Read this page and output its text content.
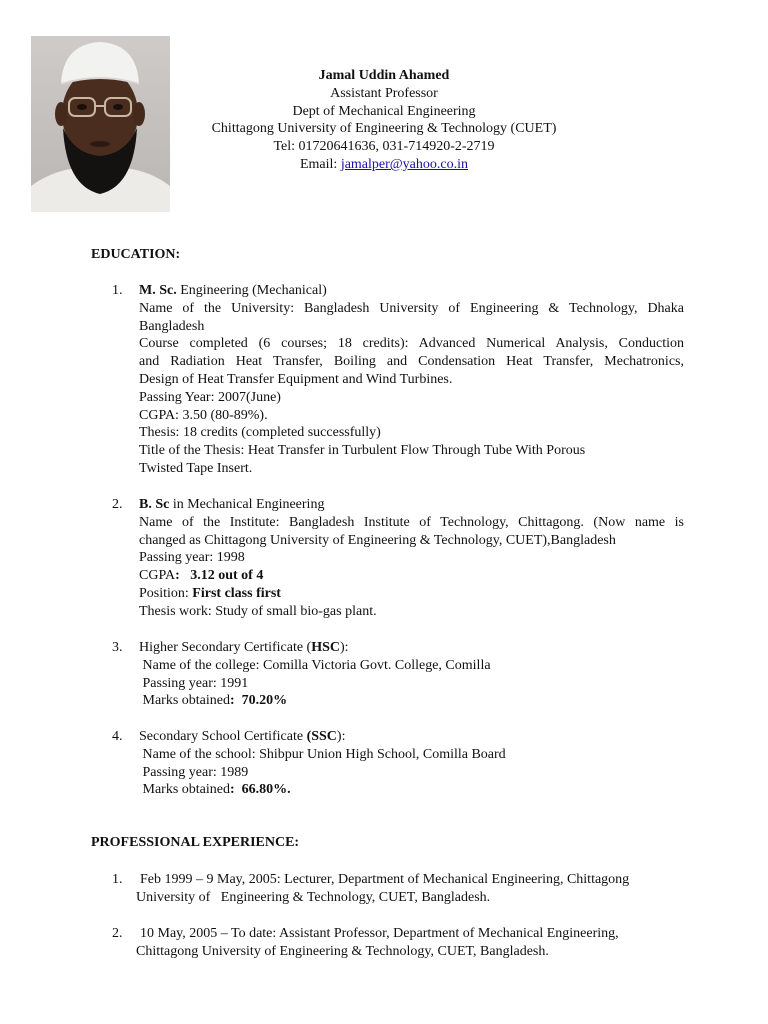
Jamal Uddin Ahamed
Assistant Professor
Dept of Mechanical Engineering
Chittagong University of Engineering & Technology (CUET)
Tel: 01720641636, 031-714920-2-2719
Email: jamalper@yahoo.co.in
EDUCATION:
1. M. Sc. Engineering (Mechanical)
Name of the University: Bangladesh University of Engineering & Technology, Dhaka
Bangladesh
Course completed (6 courses; 18 credits): Advanced Numerical Analysis, Conduction
and Radiation Heat Transfer, Boiling and Condensation Heat Transfer, Mechatronics,
Design of Heat Transfer Equipment and Wind Turbines.
Passing Year: 2007(June)
CGPA: 3.50 (80-89%).
Thesis: 18 credits (completed successfully)
Title of the Thesis: Heat Transfer in Turbulent Flow Through Tube With Porous
Twisted Tape Insert.
2. B. Sc in Mechanical Engineering
Name of the Institute: Bangladesh Institute of Technology, Chittagong. (Now name is
changed as Chittagong University of Engineering & Technology, CUET),Bangladesh
Passing year: 1998
CGPA:   3.12 out of 4
Position: First class first
Thesis work: Study of small bio-gas plant.
3. Higher Secondary Certificate (HSC):
Name of the college: Comilla Victoria Govt. College, Comilla
Passing year: 1991
Marks obtained:  70.20%
4. Secondary School Certificate (SSC):
Name of the school: Shibpur Union High School, Comilla Board
Passing year: 1989
Marks obtained:  66.80%.
PROFESSIONAL EXPERIENCE:
1. Feb 1999 – 9 May, 2005: Lecturer, Department of Mechanical Engineering, Chittagong
University of   Engineering & Technology, CUET, Bangladesh.
2. 10 May, 2005 – To date: Assistant Professor, Department of Mechanical Engineering,
Chittagong University of Engineering & Technology, CUET, Bangladesh.
